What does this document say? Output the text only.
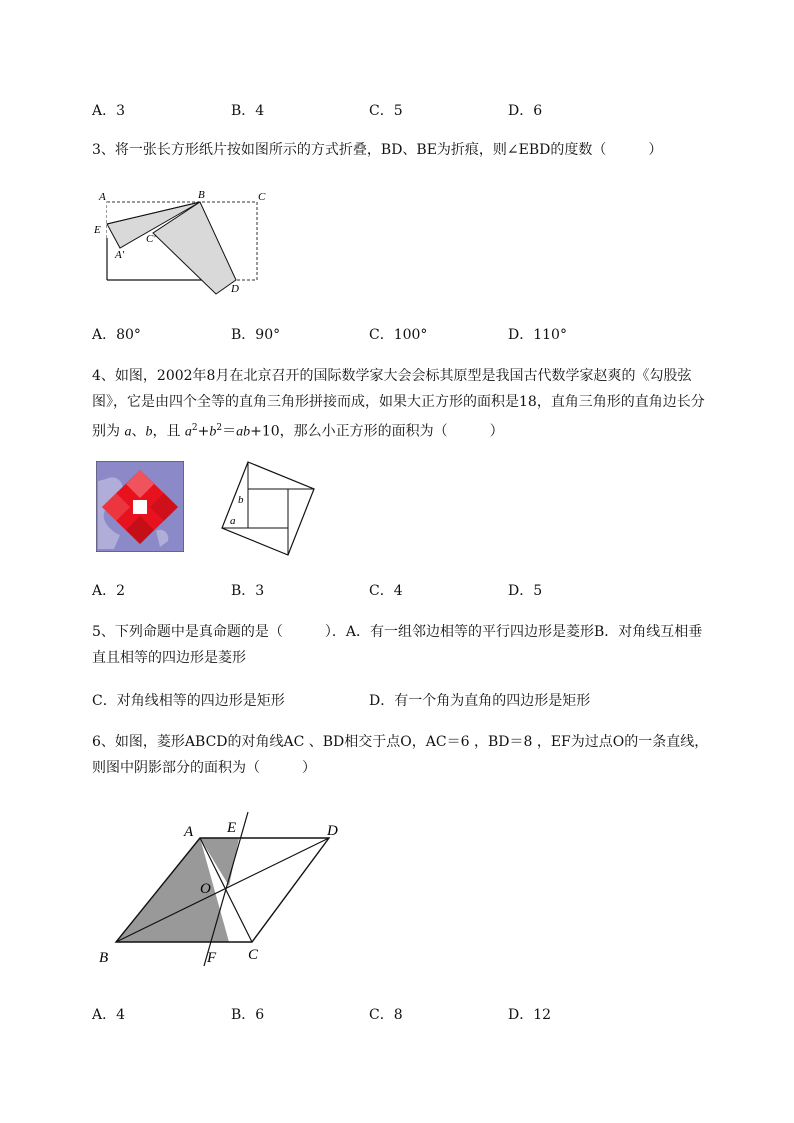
A．3	B．4	C．5	D．6
3、将一张长方形纸片按如图所示的方式折叠，BD、BE为折痕，则∠EBD的度数（　　　）
A	B	C
E
A′
C′
D
A．80°	B．90°	C．100°	D．110°
4、如图，2002年8月在北京召开的国际数学家大会会标其原型是我国古代数学家赵爽的《勾股弦
图》，它是由四个全等的直角三角形拼接而成，如果大正方形的面积是18，直角三角形的直角边长分
别为 a、b，且 $a^2+b^2=ab+10$，那么小正方形的面积为（　　　）
b
a
A．2	B．3	C．4	D．5
5、下列命题中是真命题的是（　　　）．A．有一组邻边相等的平行四边形是菱形B．对角线互相垂
直且相等的四边形是菱形
C．对角线相等的四边形是矩形	D．有一个角为直角的四边形是矩形
6、如图，菱形ABCD的对角线AC 、BD相交于点O，AC＝6 ，BD＝8 ，EF为过点O的一条直线，
则图中阴影部分的面积为（　　　）
A E	D
O
B	F C
A．4	B．6	C．8	D．12
